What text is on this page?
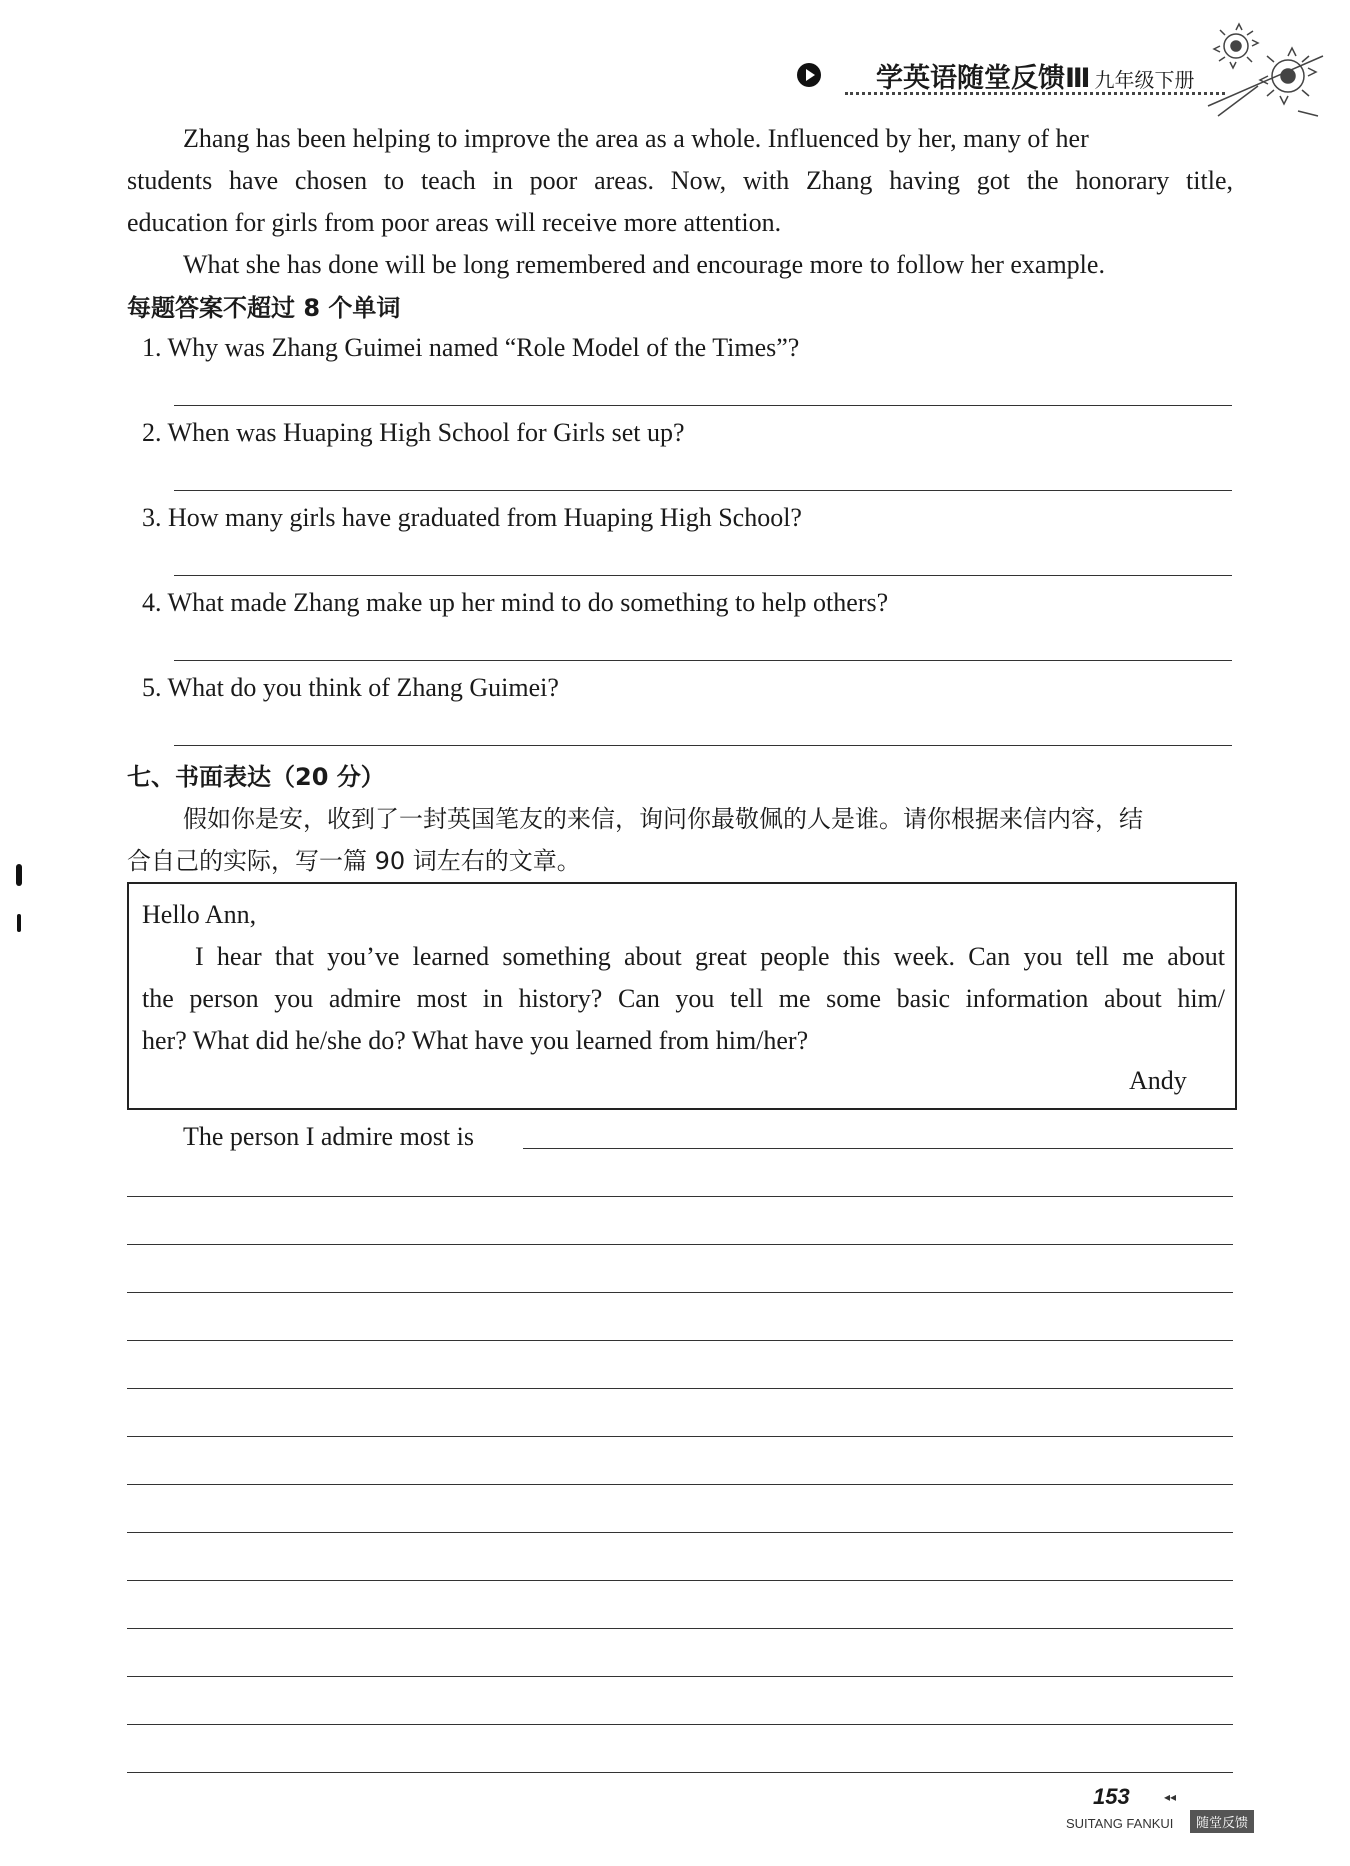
学英语随堂反馈Ⅲ 九年级下册
Zhang has been helping to improve the area as a whole. Influenced by her, many of her
students have chosen to teach in poor areas. Now, with Zhang having got the honorary title,
education for girls from poor areas will receive more attention.
What she has done will be long remembered and encourage more to follow her example.
每题答案不超过 8 个单词
1. Why was Zhang Guimei named “Role Model of the Times”?
2. When was Huaping High School for Girls set up?
3. How many girls have graduated from Huaping High School?
4. What made Zhang make up her mind to do something to help others?
5. What do you think of Zhang Guimei?
七、书面表达（20 分）
假如你是安，收到了一封英国笔友的来信，询问你最敬佩的人是谁。请你根据来信内容，结
合自己的实际，写一篇 90 词左右的文章。
Hello Ann,
I hear that you’ve learned something about great people this week. Can you tell me about
the person you admire most in history? Can you tell me some basic information about him/
her? What did he/she do? What have you learned from him/her?
Andy
The person I admire most is
153	◂◂
SUITANG FANKUI	随堂反馈
